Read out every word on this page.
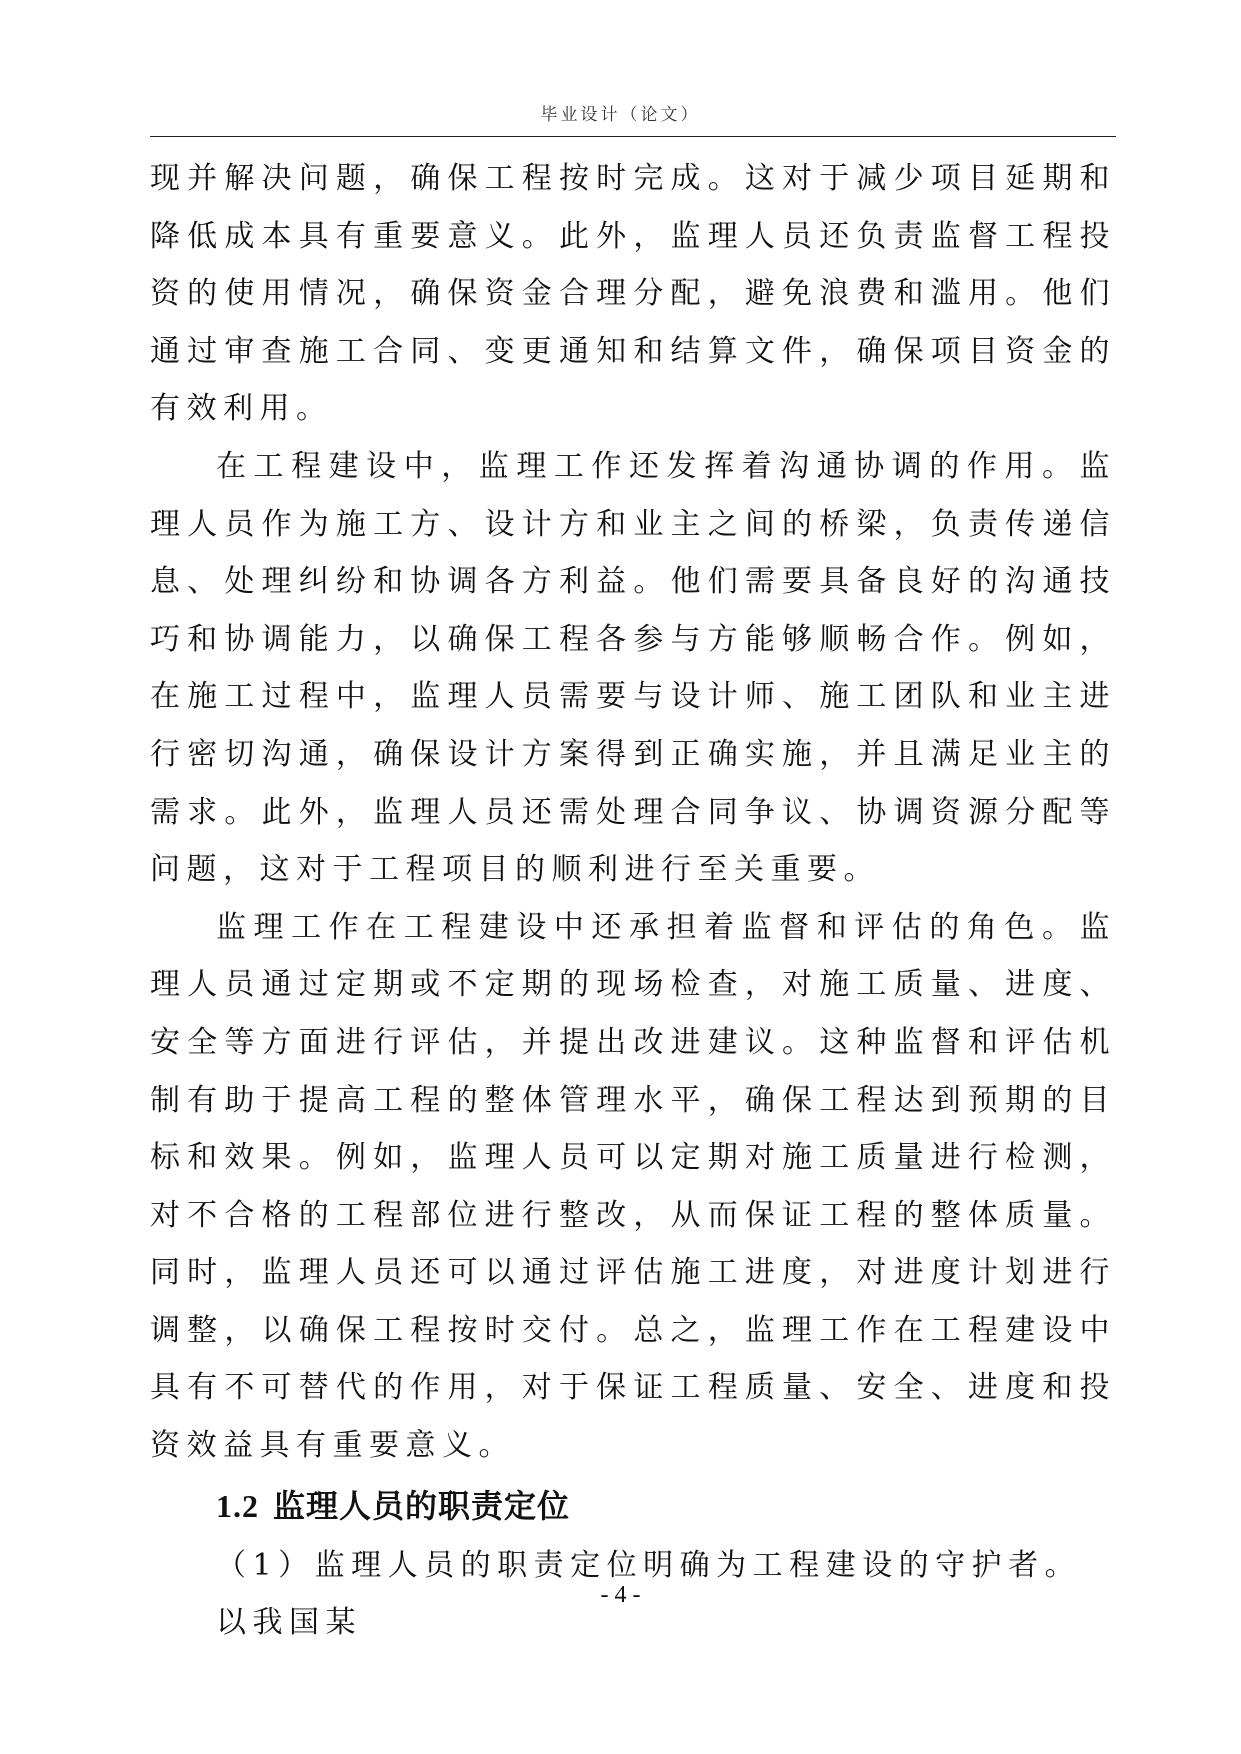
毕业设计（论文）

现并解决问题，确保工程按时完成。这对于减少项目延期和降低成本具有重要意义。此外，监理人员还负责监督工程投资的使用情况，确保资金合理分配，避免浪费和滥用。他们通过审查施工合同、变更通知和结算文件，确保项目资金的有效利用。

在工程建设中，监理工作还发挥着沟通协调的作用。监理人员作为施工方、设计方和业主之间的桥梁，负责传递信息、处理纠纷和协调各方利益。他们需要具备良好的沟通技巧和协调能力，以确保工程各参与方能够顺畅合作。例如，在施工过程中，监理人员需要与设计师、施工团队和业主进行密切沟通，确保设计方案得到正确实施，并且满足业主的需求。此外，监理人员还需处理合同争议、协调资源分配等问题，这对于工程项目的顺利进行至关重要。

监理工作在工程建设中还承担着监督和评估的角色。监理人员通过定期或不定期的现场检查，对施工质量、进度、安全等方面进行评估，并提出改进建议。这种监督和评估机制有助于提高工程的整体管理水平，确保工程达到预期的目标和效果。例如，监理人员可以定期对施工质量进行检测，对不合格的工程部位进行整改，从而保证工程的整体质量。同时，监理人员还可以通过评估施工进度，对进度计划进行调整，以确保工程按时交付。总之，监理工作在工程建设中具有不可替代的作用，对于保证工程质量、安全、进度和投资效益具有重要意义。

1.2 监理人员的职责定位

（1）监理人员的职责定位明确为工程建设的守护者。以我国某

- 4 -
